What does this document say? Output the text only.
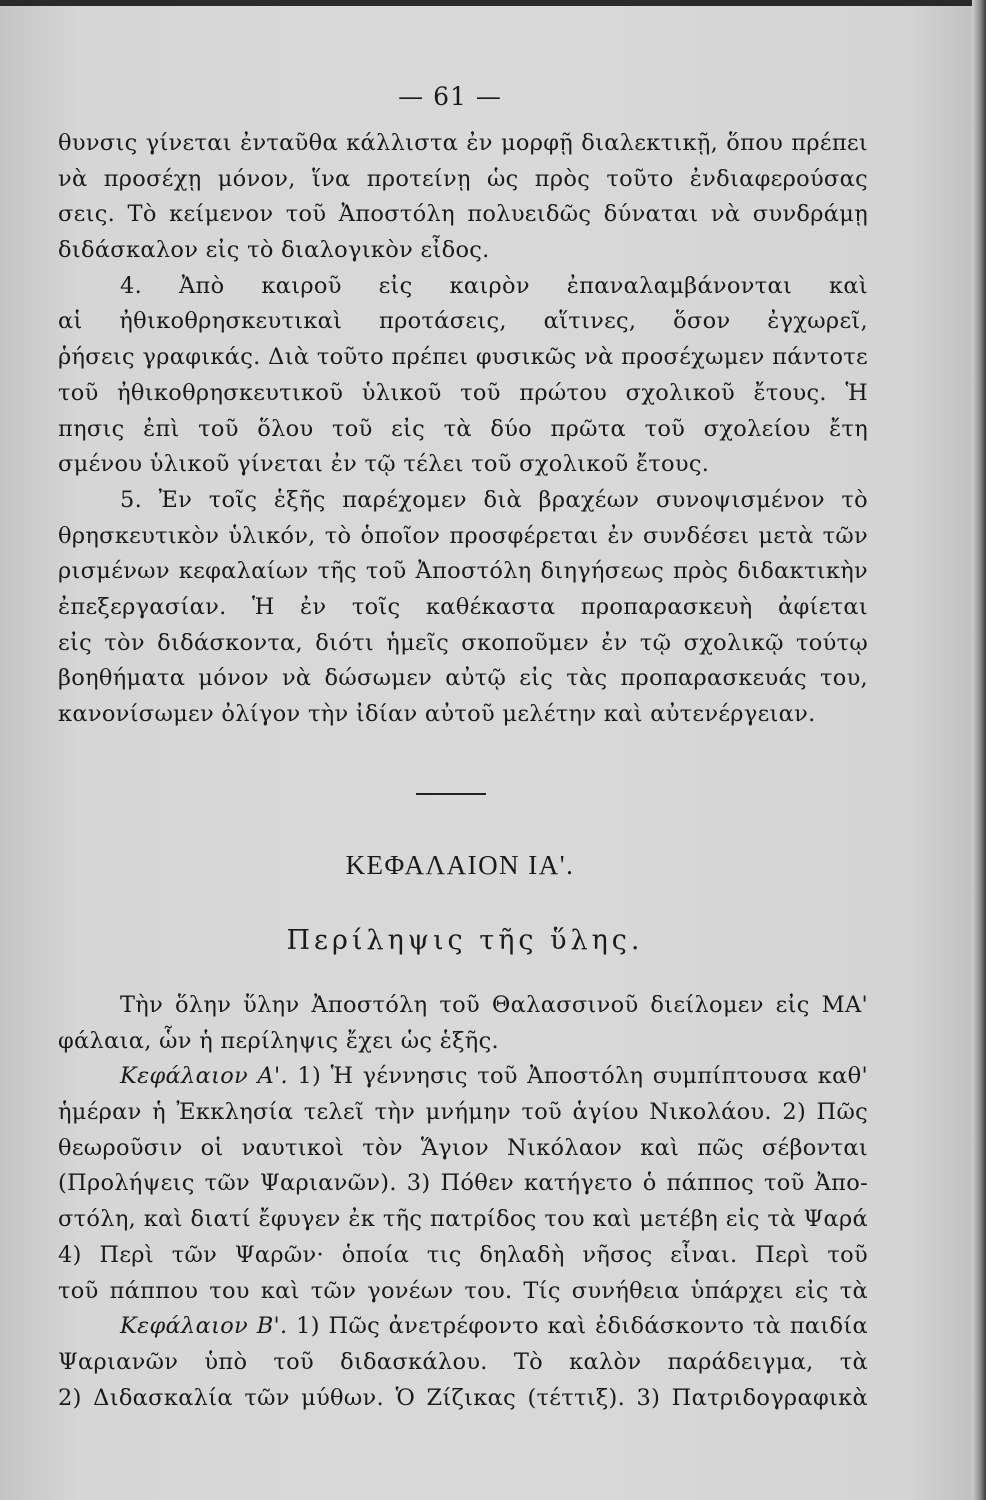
— 61 —
θυνσις γίνεται ἐνταῦθα κάλλιστα ἐν μορφῇ διαλεκτικῇ, ὅπου πρέπει
νὰ προσέχῃ μόνον, ἵνα προτείνῃ ὡς πρὸς τοῦτο ἐνδιαφερούσας
σεις. Τὸ κείμενον τοῦ Ἀποστόλη πολυειδῶς δύναται νὰ συνδράμῃ
διδάσκαλον εἰς τὸ διαλογικὸν εἶδος.
4. Ἀπὸ καιροῦ εἰς καιρὸν ἐπαναλαμβάνονται καὶ
αἱ ἠθικοθρησκευτικαὶ προτάσεις, αἵτινες, ὅσον ἐγχωρεῖ,
ῥήσεις γραφικάς. Διὰ τοῦτο πρέπει φυσικῶς νὰ προσέχωμεν πάντοτε
τοῦ ἠθικοθρησκευτικοῦ ὑλικοῦ τοῦ πρώτου σχολικοῦ ἔτους. Ἡ
πησις ἐπὶ τοῦ ὅλου τοῦ εἰς τὰ δύο πρῶτα τοῦ σχολείου ἔτη
σμένου ὑλικοῦ γίνεται ἐν τῷ τέλει τοῦ σχολικοῦ ἔτους.
5. Ἐν τοῖς ἑξῆς παρέχομεν διὰ βραχέων συνοψισμένον τὸ
θρησκευτικὸν ὑλικόν, τὸ ὁποῖον προσφέρεται ἐν συνδέσει μετὰ τῶν
ρισμένων κεφαλαίων τῆς τοῦ Ἀποστόλη διηγήσεως πρὸς διδακτικὴν
ἐπεξεργασίαν. Ἡ ἐν τοῖς καθέκαστα προπαρασκευὴ ἀφίεται
εἰς τὸν διδάσκοντα, διότι ἡμεῖς σκοποῦμεν ἐν τῷ σχολικῷ τούτῳ
βοηθήματα μόνον νὰ δώσωμεν αὐτῷ εἰς τὰς προπαρασκευάς του,
κανονίσωμεν ὀλίγον τὴν ἰδίαν αὐτοῦ μελέτην καὶ αὐτενέργειαν.
ΚΕΦΑΛΑΙΟΝ ΙΑ'.
Περίληψις τῆς ὕλης.
Τὴν ὅλην ὕλην Ἀποστόλη τοῦ Θαλασσινοῦ διείλομεν εἰς ΜΑ'
φάλαια, ὧν ἡ περίληψις ἔχει ὡς ἑξῆς.
Κεφάλαιον Α'. 1) Ἡ γέννησις τοῦ Ἀποστόλη συμπίπτουσα καθ'
ἡμέραν ἡ Ἐκκλησία τελεῖ τὴν μνήμην τοῦ ἁγίου Νικολάου. 2) Πῶς
θεωροῦσιν οἱ ναυτικοὶ τὸν Ἅγιον Νικόλαον καὶ πῶς σέβονται
(Προλήψεις τῶν Ψαριανῶν). 3) Πόθεν κατήγετο ὁ πάππος τοῦ Ἀπο-
στόλη, καὶ διατί ἔφυγεν ἐκ τῆς πατρίδος του καὶ μετέβη εἰς τὰ Ψαρά
4) Περὶ τῶν Ψαρῶν· ὁποία τις δηλαδὴ νῆσος εἶναι. Περὶ τοῦ
τοῦ πάππου του καὶ τῶν γονέων του. Τίς συνήθεια ὑπάρχει εἰς τὰ
Κεφάλαιον Β'. 1) Πῶς ἀνετρέφοντο καὶ ἐδιδάσκοντο τὰ παιδία
Ψαριανῶν ὑπὸ τοῦ διδασκάλου. Τὸ καλὸν παράδειγμα, τὰ
2) Διδασκαλία τῶν μύθων. Ὁ Ζίζικας (τέττιξ). 3) Πατριδογραφικὰ
